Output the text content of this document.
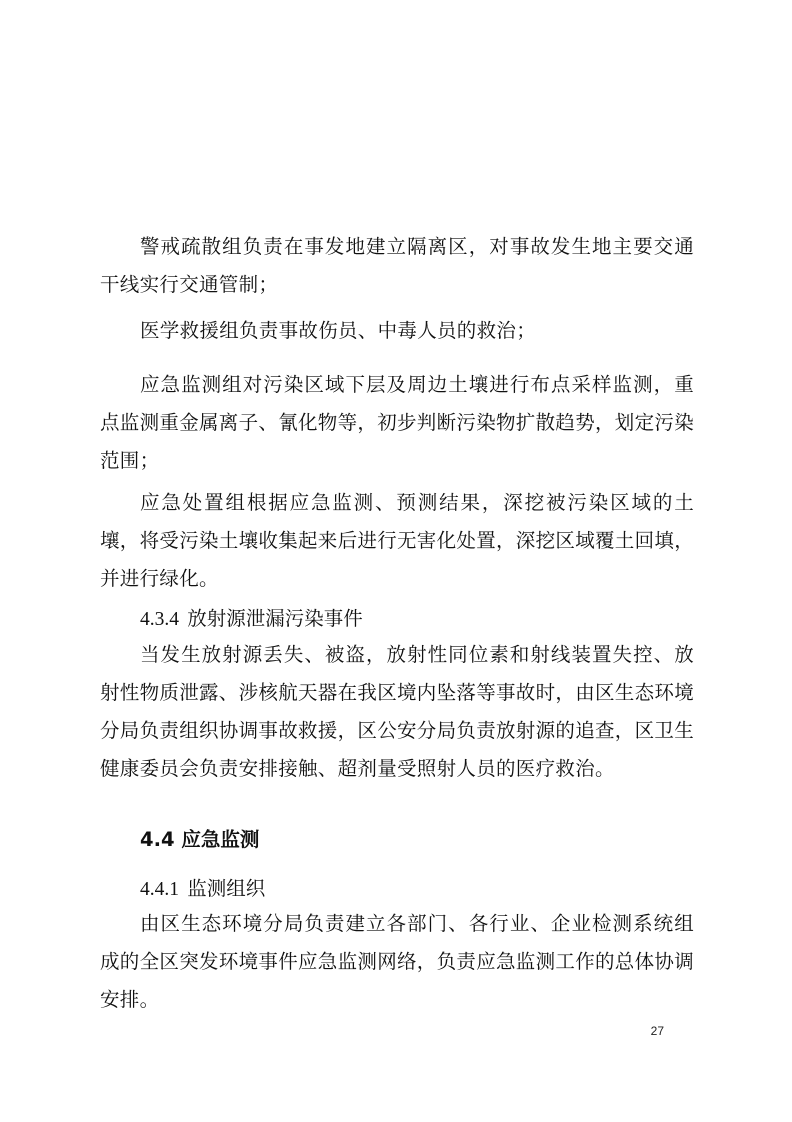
警戒疏散组负责在事发地建立隔离区，对事故发生地主要交通干线实行交通管制；

医学救援组负责事故伤员、中毒人员的救治；

应急监测组对污染区域下层及周边土壤进行布点采样监测，重点监测重金属离子、氰化物等，初步判断污染物扩散趋势，划定污染范围；

应急处置组根据应急监测、预测结果，深挖被污染区域的土壤，将受污染土壤收集起来后进行无害化处置，深挖区域覆土回填，并进行绿化。

4.3.4 放射源泄漏污染事件

当发生放射源丢失、被盗，放射性同位素和射线装置失控、放射性物质泄露、涉核航天器在我区境内坠落等事故时，由区生态环境分局负责组织协调事故救援，区公安分局负责放射源的追查，区卫生健康委员会负责安排接触、超剂量受照射人员的医疗救治。

4.4 应急监测
4.4.1 监测组织

由区生态环境分局负责建立各部门、各行业、企业检测系统组成的全区突发环境事件应急监测网络，负责应急监测工作的总体协调安排。

27
